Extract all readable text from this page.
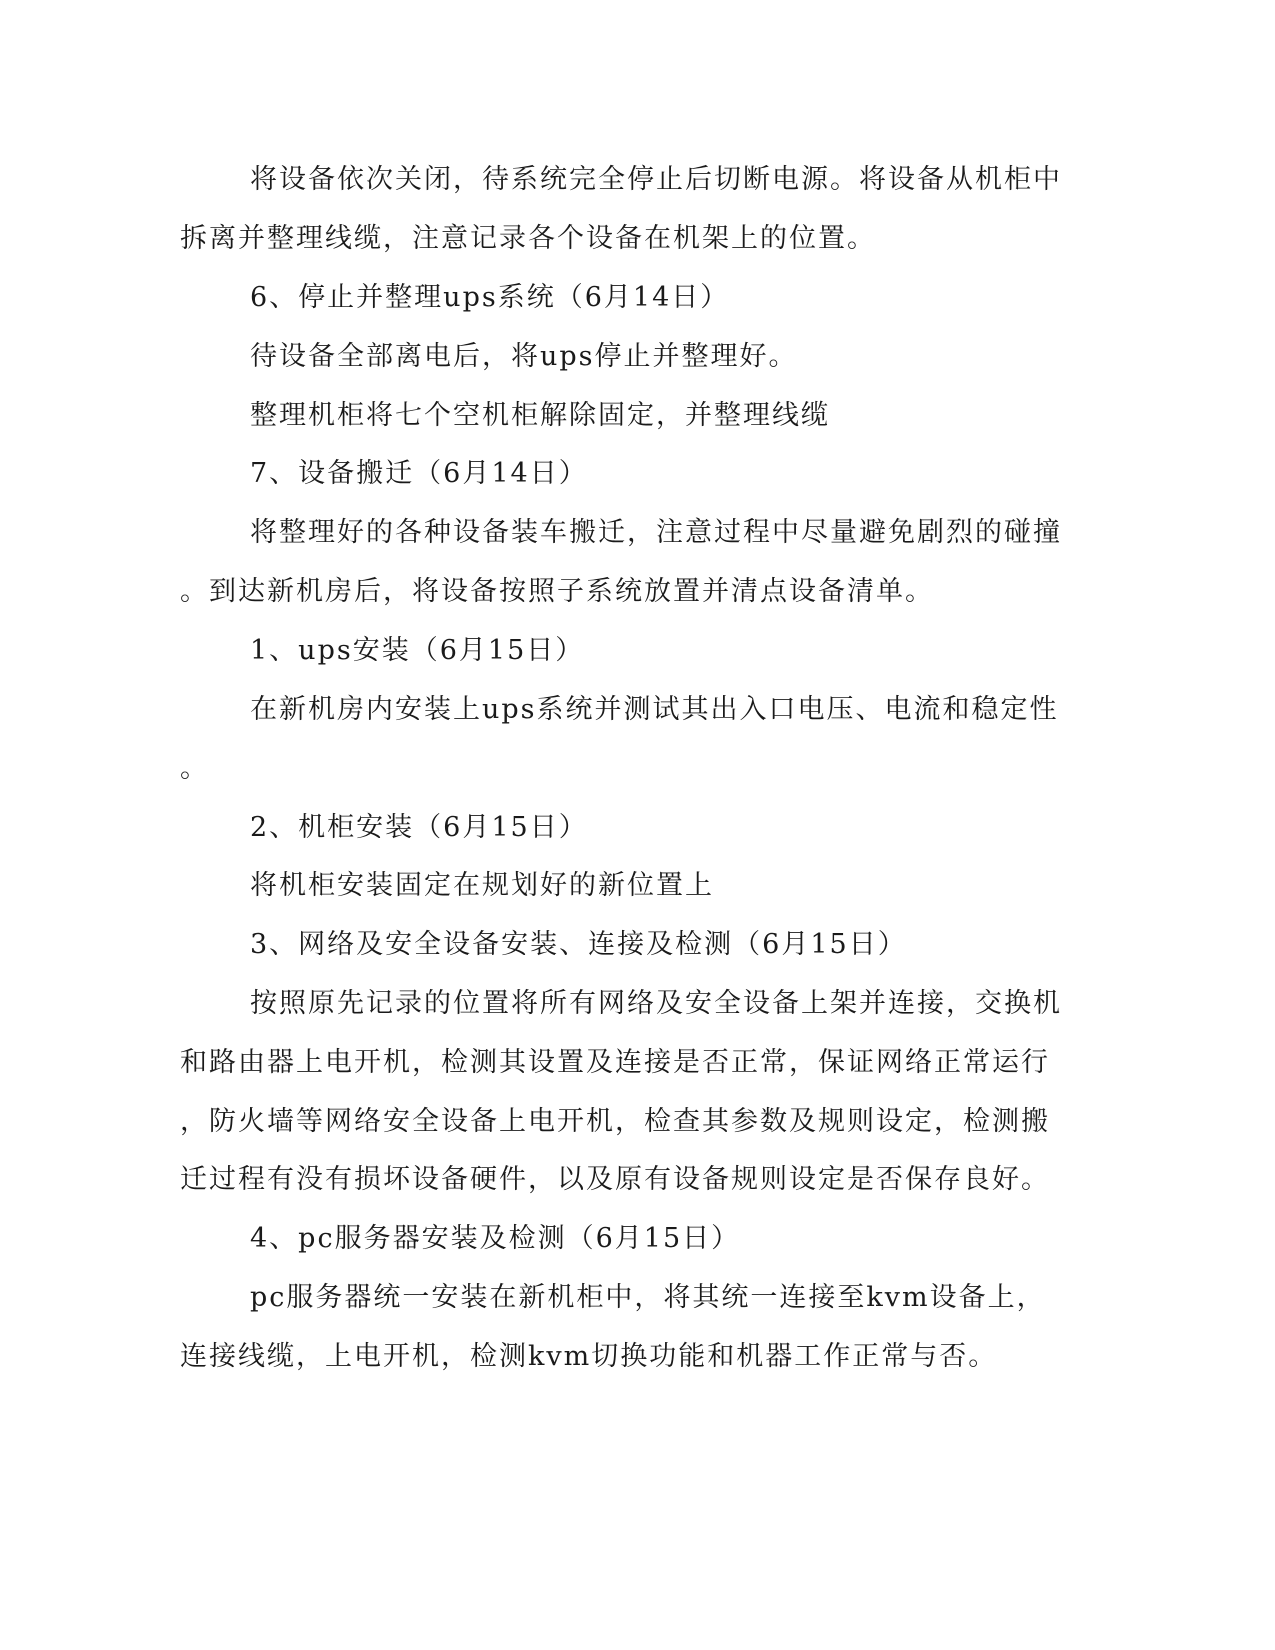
将设备依次关闭，待系统完全停止后切断电源。将设备从机柜中
拆离并整理线缆，注意记录各个设备在机架上的位置。
6、停止并整理ups系统（6月14日）
待设备全部离电后，将ups停止并整理好。
整理机柜将七个空机柜解除固定，并整理线缆
7、设备搬迁（6月14日）
将整理好的各种设备装车搬迁，注意过程中尽量避免剧烈的碰撞
。到达新机房后，将设备按照子系统放置并清点设备清单。
1、ups安装（6月15日）
在新机房内安装上ups系统并测试其出入口电压、电流和稳定性
。
2、机柜安装（6月15日）
将机柜安装固定在规划好的新位置上
3、网络及安全设备安装、连接及检测（6月15日）
按照原先记录的位置将所有网络及安全设备上架并连接，交换机
和路由器上电开机，检测其设置及连接是否正常，保证网络正常运行
，防火墙等网络安全设备上电开机，检查其参数及规则设定，检测搬
迁过程有没有损坏设备硬件，以及原有设备规则设定是否保存良好。
4、pc服务器安装及检测（6月15日）
pc服务器统一安装在新机柜中，将其统一连接至kvm设备上，
连接线缆，上电开机，检测kvm切换功能和机器工作正常与否。
